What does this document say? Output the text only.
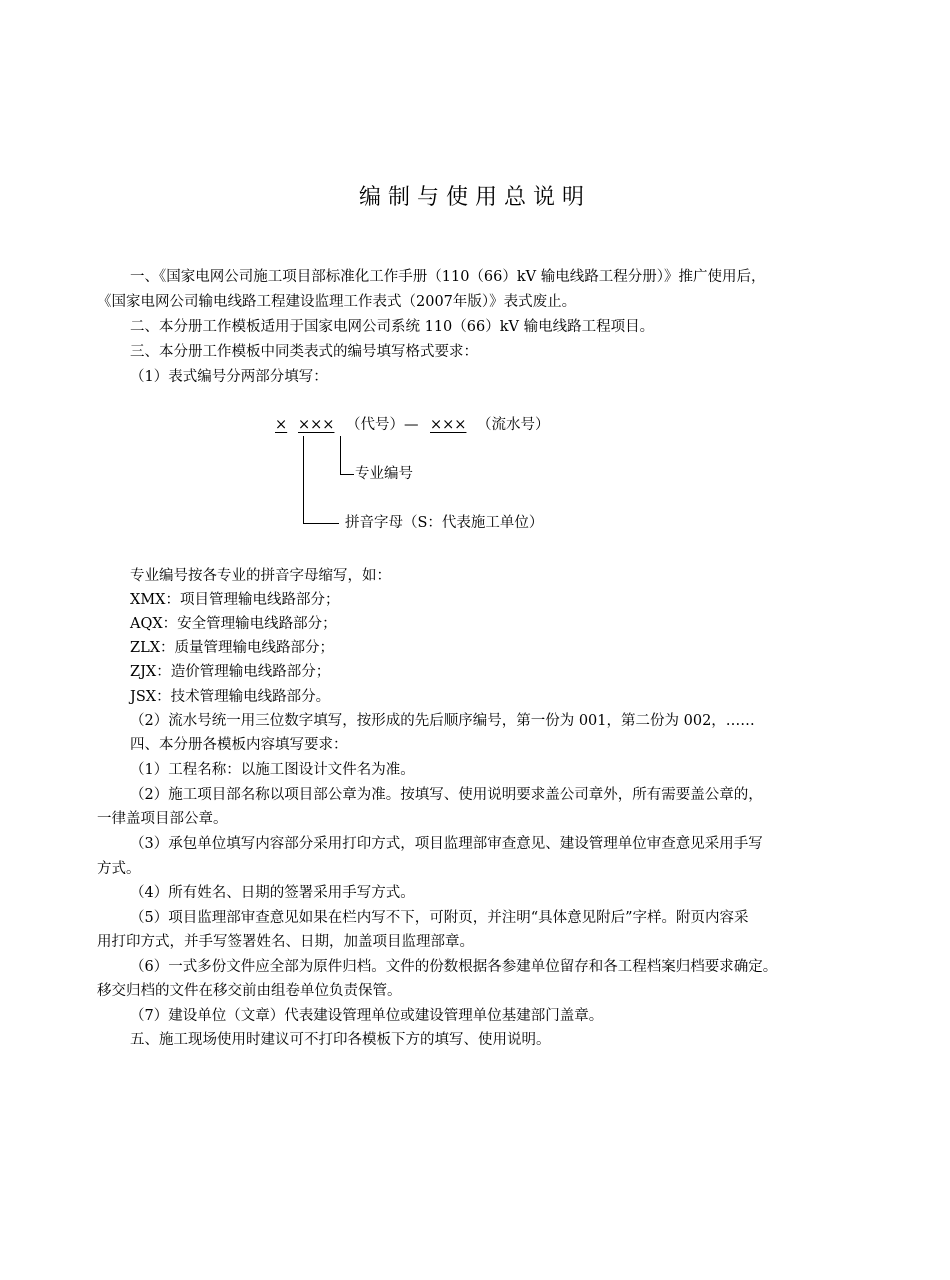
编制与使用总说明
一、《国家电网公司施工项目部标准化工作手册（110（66）kV 输电线路工程分册）》推广使用后，
《国家电网公司输电线路工程建设监理工作表式（2007年版）》表式废止。
二、本分册工作模板适用于国家电网公司系统 110（66）kV 输电线路工程项目。
三、本分册工作模板中同类表式的编号填写格式要求：
（1）表式编号分两部分填写：
× ××× （代号）— ××× （流水号）
专业编号
拼音字母（S：代表施工单位）
专业编号按各专业的拼音字母缩写，如：
XMX：项目管理输电线路部分；
AQX：安全管理输电线路部分；
ZLX：质量管理输电线路部分；
ZJX：造价管理输电线路部分；
JSX：技术管理输电线路部分。
（2）流水号统一用三位数字填写，按形成的先后顺序编号，第一份为 001，第二份为 002，……
四、本分册各模板内容填写要求：
（1）工程名称：以施工图设计文件名为准。
（2）施工项目部名称以项目部公章为准。按填写、使用说明要求盖公司章外，所有需要盖公章的，
一律盖项目部公章。
（3）承包单位填写内容部分采用打印方式，项目监理部审查意见、建设管理单位审查意见采用手写
方式。
（4）所有姓名、日期的签署采用手写方式。
（5）项目监理部审查意见如果在栏内写不下，可附页，并注明“具体意见附后”字样。附页内容采
用打印方式，并手写签署姓名、日期，加盖项目监理部章。
（6）一式多份文件应全部为原件归档。文件的份数根据各参建单位留存和各工程档案归档要求确定。
移交归档的文件在移交前由组卷单位负责保管。
（7）建设单位（文章）代表建设管理单位或建设管理单位基建部门盖章。
五、施工现场使用时建议可不打印各模板下方的填写、使用说明。
